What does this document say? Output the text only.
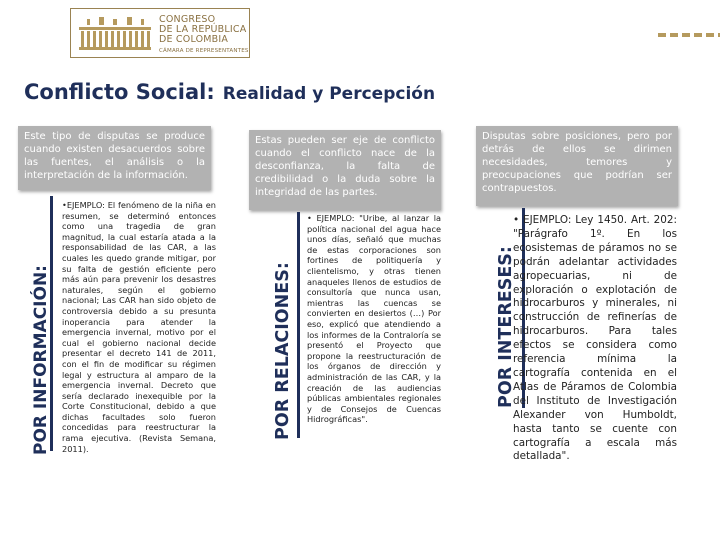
CONGRESO
DE LA REPÚBLICA
DE COLOMBIA
CÁMARA DE REPRESENTANTES
Conflicto Social: Realidad y Percepción
Este tipo de disputas se produce cuando existen desacuerdos sobre las fuentes, el análisis o la interpretación de la información.
POR INFORMACIÓN:
•EJEMPLO: El fenómeno de la niña en resumen, se determinó entonces como una tragedia de gran magnitud, la cual estaría atada a la responsabilidad de las CAR, a las cuales les quedo grande mitigar, por su falta de gestión eficiente pero más aún para prevenir los desastres naturales, según el gobierno nacional; Las CAR han sido objeto de controversia debido a su presunta inoperancia para atender la emergencia invernal, motivo por el cual el gobierno nacional decide presentar el decreto 141 de 2011, con el fin de modificar su régimen legal y estructura al amparo de la emergencia invernal. Decreto que sería declarado inexequible por la Corte Constitucional, debido a que dichas facultades solo fueron concedidas para reestructurar la rama ejecutiva. (Revista Semana, 2011).
Estas pueden ser eje de conflicto cuando el conflicto nace de la desconfianza, la falta de credibilidad o la duda sobre la integridad de las partes.
POR RELACIONES:
• EJEMPLO: "Uribe, al lanzar la política nacional del agua hace unos días, señaló que muchas de estas corporaciones son fortines de politiquería y clientelismo, y otras tienen anaqueles llenos de estudios de consultoría que nunca usan, mientras las cuencas se convierten en desiertos (…) Por eso, explicó que atendiendo a los informes de la Contraloría se presentó el Proyecto que propone la reestructuración de los órganos de dirección y administración de las CAR, y la creación de las audiencias públicas ambientales regionales y de Consejos de Cuencas Hidrográficas".
Disputas sobre posiciones, pero por detrás de ellos se dirimen necesidades, temores y preocupaciones que podrían ser contrapuestos.
POR INTERESES:
• EJEMPLO: Ley 1450. Art. 202: "Parágrafo 1º. En los ecosistemas de páramos no se podrán adelantar actividades agropecuarias, ni de exploración o explotación de hidrocarburos y minerales, ni construcción de refinerías de hidrocarburos. Para tales efectos se considera como referencia mínima la cartografía contenida en el Atlas de Páramos de Colombia del Instituto de Investigación Alexander von Humboldt, hasta tanto se cuente con cartografía a escala más detallada".
